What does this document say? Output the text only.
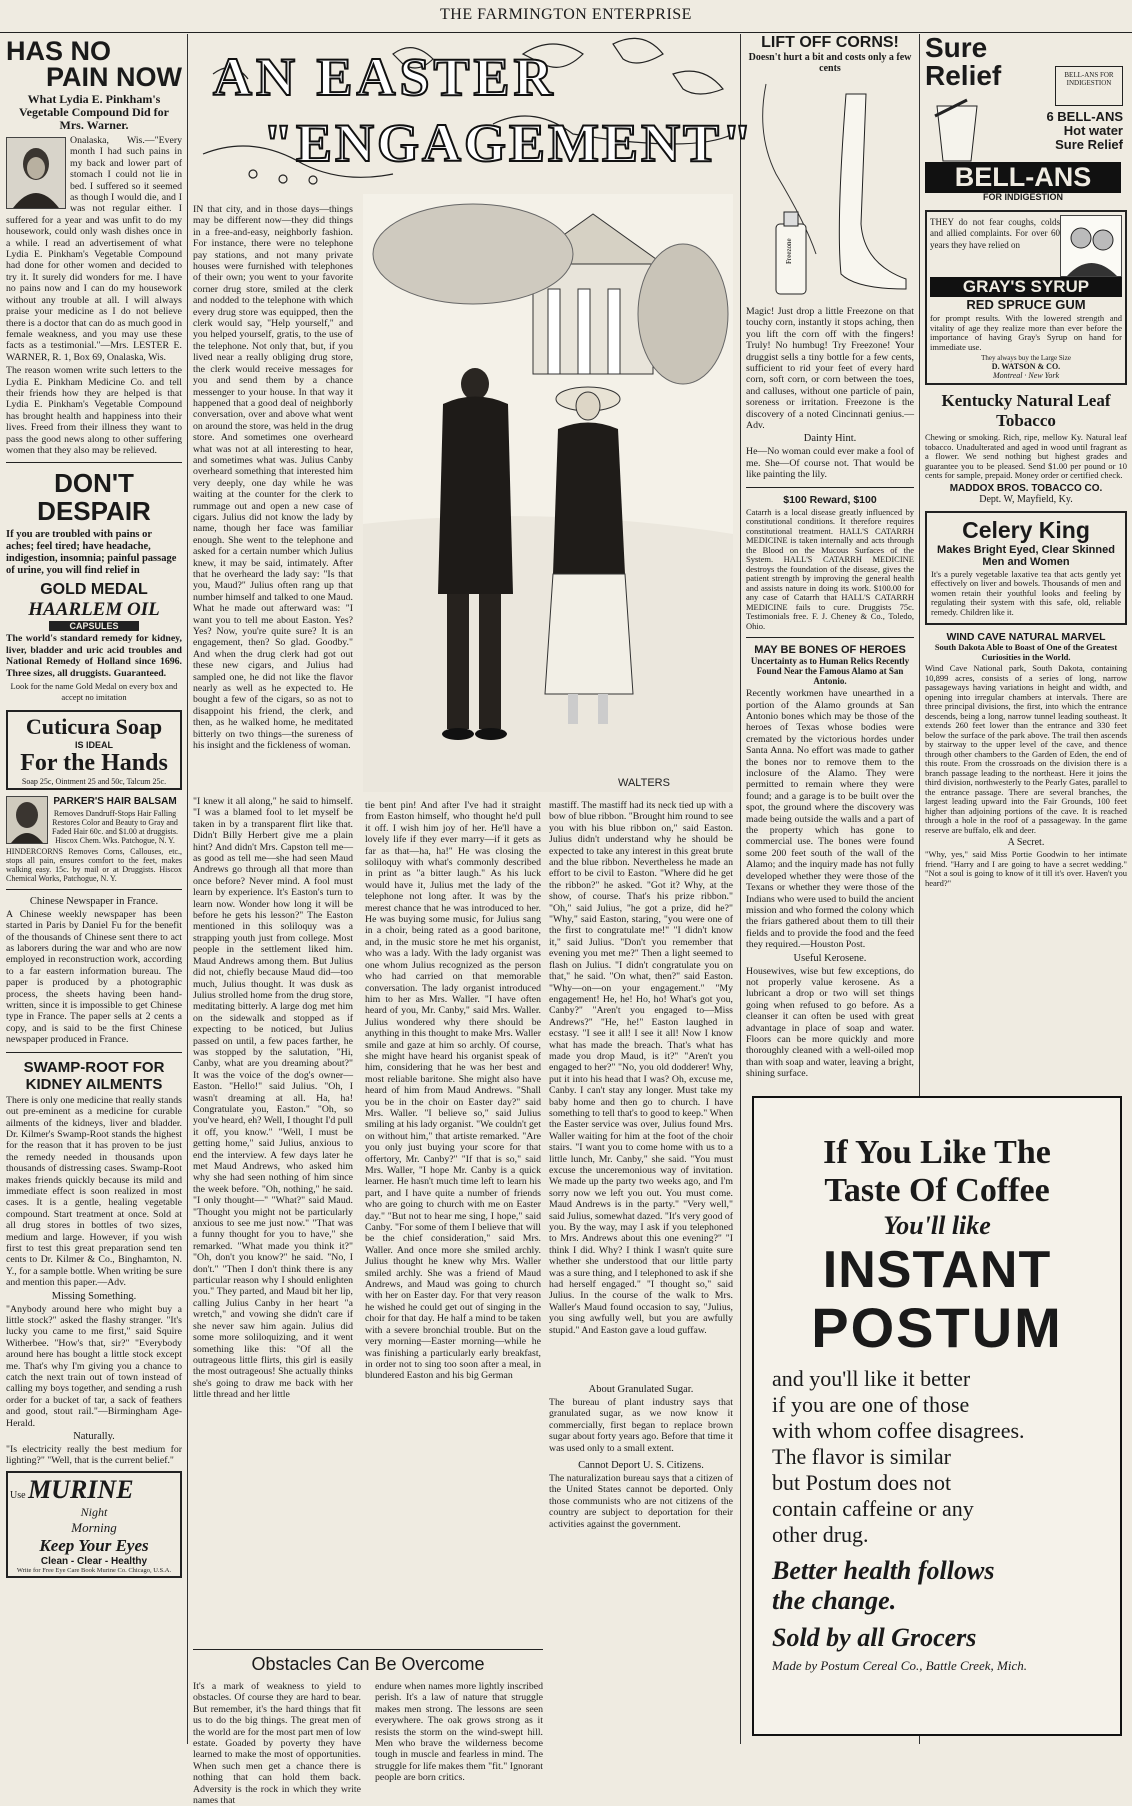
THE FARMINGTON ENTERPRISE
HAS NO
PAIN NOW
What Lydia E. Pinkham's Vegetable Compound Did for Mrs. Warner.
Onalaska, Wis.—"Every month I had such pains in my back and lower part of stomach I could not lie in bed. I suffered so it seemed as though I would die, and I was not regular either. I suffered for a year and was unfit to do my housework, could only wash dishes once in a while. I read an advertisement of what Lydia E. Pinkham's Vegetable Compound had done for other women and decided to try it. It surely did wonders for me. I have no pains now and I can do my housework without any trouble at all. I will always praise your medicine as I do not believe there is a doctor that can do as much good in female weakness, and you may use these facts as a testimonial."—Mrs. LESTER E. WARNER, R. 1, Box 69, Onalaska, Wis.
The reason women write such letters to the Lydia E. Pinkham Medicine Co. and tell their friends how they are helped is that Lydia E. Pinkham's Vegetable Compound has brought health and happiness into their lives. Freed from their illness they want to pass the good news along to other suffering women that they also may be relieved.
DON'T
DESPAIR
If you are troubled with pains or aches; feel tired; have headache, indigestion, insomnia; painful passage of urine, you will find relief in
GOLD MEDAL
HAARLEM OIL
CAPSULES
The world's standard remedy for kidney, liver, bladder and uric acid troubles and National Remedy of Holland since 1696. Three sizes, all druggists. Guaranteed.
Look for the name Gold Medal on every box and accept no imitation
Cuticura Soap
IS IDEAL
For the Hands
Soap 25c, Ointment 25 and 50c, Talcum 25c.
PARKER'S HAIR BALSAM
Removes Dandruff-Stops Hair Falling Restores Color and Beauty to Gray and Faded Hair 60c. and $1.00 at druggists. Hiscox Chem. Wks. Patchogue, N. Y.
HINDERCORNS Removes Corns, Callouses, etc., stops all pain, ensures comfort to the feet, makes walking easy. 15c. by mail or at Druggists. Hiscox Chemical Works, Patchogue, N. Y.
Chinese Newspaper in France.
A Chinese weekly newspaper has been started in Paris by Daniel Fu for the benefit of the thousands of Chinese sent there to act as laborers during the war and who are now employed in reconstruction work, according to a far eastern information bureau. The paper is produced by a photographic process, the sheets having been hand-written, since it is impossible to get Chinese type in France. The paper sells at 2 cents a copy, and is said to be the first Chinese newspaper produced in France.
SWAMP-ROOT FOR
KIDNEY AILMENTS
There is only one medicine that really stands out pre-eminent as a medicine for curable ailments of the kidneys, liver and bladder. Dr. Kilmer's Swamp-Root stands the highest for the reason that it has proven to be just the remedy needed in thousands upon thousands of distressing cases. Swamp-Root makes friends quickly because its mild and immediate effect is soon realized in most cases. It is a gentle, healing vegetable compound. Start treatment at once. Sold at all drug stores in bottles of two sizes, medium and large. However, if you wish first to test this great preparation send ten cents to Dr. Kilmer & Co., Binghamton, N. Y., for a sample bottle. When writing be sure and mention this paper.—Adv.
Missing Something.
"Anybody around here who might buy a little stock?" asked the flashy stranger. "It's lucky you came to me first," said Squire Witherbee. "How's that, sir?" "Everybody around here has bought a little stock except me. That's why I'm giving you a chance to catch the next train out of town instead of calling my boys together, and sending a rush order for a bucket of tar, a sack of feathers and good, stout rail."—Birmingham Age-Herald.
Naturally.
"Is electricity really the best medium for lighting?" "Well, that is the current belief."
Use MURINE
Night
Morning
Keep Your Eyes
Clean - Clear - Healthy
Write for Free Eye Care Book Murine Co. Chicago, U.S.A.
AN EASTER
"ENGAGEMENT"
WALTERS
IN that city, and in those days—things may be different now—they did things in a free-and-easy, neighborly fashion. For instance, there were no telephone pay stations, and not many private houses were furnished with telephones of their own; you went to your favorite corner drug store, smiled at the clerk and nodded to the telephone with which every drug store was equipped, then the clerk would say, "Help yourself," and you helped yourself, gratis, to the use of the telephone. Not only that, but, if you lived near a really obliging drug store, the clerk would receive messages for you and send them by a chance messenger to your house. In that way it happened that a good deal of neighborly conversation, over and above what went on around the store, was held in the drug store. And sometimes one overheard what was not at all interesting to hear, and sometimes what was. Julius Canby overheard something that interested him very deeply, one day while he was waiting at the counter for the clerk to rummage out and open a new case of cigars. Julius did not know the lady by name, though her face was familiar enough. She went to the telephone and asked for a certain number which Julius knew, it may be said, intimately. After that he overheard the lady say: "Is that you, Maud?" Julius often rang up that number himself and talked to one Maud. What he made out afterward was: "I want you to tell me about Easton. Yes? Yes? Now, you're quite sure? It is an engagement, then? So glad. Goodby." And when the drug clerk had got out these new cigars, and Julius had sampled one, he did not like the flavor nearly as well as he expected to. He bought a few of the cigars, so as not to disappoint his friend, the clerk, and then, as he walked home, he meditated bitterly on two things—the sureness of his insight and the fickleness of woman.
"I knew it all along," he said to himself. "I was a blamed fool to let myself be taken in by a transparent flirt like that. Didn't Billy Herbert give me a plain hint? And didn't Mrs. Capston tell me—as good as tell me—she had seen Maud Andrews go through all that more than once before? Never mind. A fool must learn by experience. It's Easton's turn to learn now. Wonder how long it will be before he gets his lesson?" The Easton mentioned in this soliloquy was a strapping youth just from college. Most people in the settlement liked him. Maud Andrews among them. But Julius did not, chiefly because Maud did—too much, Julius thought. It was dusk as Julius strolled home from the drug store, meditating bitterly. A large dog met him on the sidewalk and stopped as if expecting to be noticed, but Julius passed on until, a few paces farther, he was stopped by the salutation, "Hi, Canby, what are you dreaming about?" It was the voice of the dog's owner—Easton. "Hello!" said Julius. "Oh, I wasn't dreaming at all. Ha, ha! Congratulate you, Easton." "Oh, so you've heard, eh? Well, I thought I'd pull it off, you know." "Well, I must be getting home," said Julius, anxious to end the interview. A few days later he met Maud Andrews, who asked him why she had seen nothing of him since the week before. "Oh, nothing," he said. "I only thought—" "What?" said Maud. "Thought you might not be particularly anxious to see me just now." "That was a funny thought for you to have," she remarked. "What made you think it?" "Oh, don't you know?" he said. "No, I don't." "Then I don't think there is any particular reason why I should enlighten you." They parted, and Maud bit her lip, calling Julius Canby in her heart "a wretch," and vowing she didn't care if she never saw him again. Julius did some more soliloquizing, and it went something like this: "Of all the outrageous little flirts, this girl is easily the most outrageous! She actually thinks she's going to draw me back with her little thread and her little
tie bent pin! And after I've had it straight from Easton himself, who thought he'd pull it off. I wish him joy of her. He'll have a lovely life if they ever marry—if it gets as far as that—ha, ha!" He was closing the soliloquy with what's commonly described in print as "a bitter laugh." As his luck would have it, Julius met the lady of the telephone not long after. It was by the merest chance that he was introduced to her. He was buying some music, for Julius sang in a choir, being rated as a good baritone, and, in the music store he met his organist, who was a lady. With the lady organist was one whom Julius recognized as the person who had carried on that memorable conversation. The lady organist introduced him to her as Mrs. Waller. "I have often heard of you, Mr. Canby," said Mrs. Waller. Julius wondered why there should be anything in this thought to make Mrs. Waller smile and gaze at him so archly. Of course, she might have heard his organist speak of him, considering that he was her best and most reliable baritone. She might also have heard of him from Maud Andrews. "Shall you be in the choir on Easter day?" said Mrs. Waller. "I believe so," said Julius smiling at his lady organist. "We couldn't get on without him," that artiste remarked. "Are you only just buying your score for that offertory, Mr. Canby?" "If that is so," said Mrs. Waller, "I hope Mr. Canby is a quick learner. He hasn't much time left to learn his part, and I have quite a number of friends who are going to church with me on Easter day." "But not to hear me sing, I hope," said Canby. "For some of them I believe that will be the chief consideration," said Mrs. Waller. And once more she smiled archly. Julius thought he knew why Mrs. Waller smiled archly. She was a friend of Maud Andrews, and Maud was going to church with her on Easter day. For that very reason he wished he could get out of singing in the choir for that day. He half a mind to be taken with a severe bronchial trouble. But on the very morning—Easter morning—while he was finishing a particularly early breakfast, in order not to sing too soon after a meal, in blundered Easton and his big German
mastiff. The mastiff had its neck tied up with a bow of blue ribbon. "Brought him round to see you with his blue ribbon on," said Easton. Julius didn't understand why he should be expected to take any interest in this great brute and the blue ribbon. Nevertheless he made an effort to be civil to Easton. "Where did he get the ribbon?" he asked. "Got it? Why, at the show, of course. That's his prize ribbon." "Oh," said Julius, "he got a prize, did he?" "Why," said Easton, staring, "you were one of the first to congratulate me!" "I didn't know it," said Julius. "Don't you remember that evening you met me?" Then a light seemed to flash on Julius. "I didn't congratulate you on that," he said. "On what, then?" said Easton. "Why—on—on your engagement." "My engagement! He, he! Ho, ho! What's got you, Canby?" "Aren't you engaged to—Miss Andrews?" "He, he!" Easton laughed in ecstasy. "I see it all! I see it all! Now I know what has made the breach. That's what has made you drop Maud, is it?" "Aren't you engaged to her?" "No, you old dodderer! Why, put it into his head that I was? Oh, excuse me, Canby. I can't stay any longer. Must take my baby home and then go to church. I have something to tell that's to good to keep." When the Easter service was over, Julius found Mrs. Waller waiting for him at the foot of the choir stairs. "I want you to come home with us to a little lunch, Mr. Canby," she said. "You must excuse the unceremonious way of invitation. We made up the party two weeks ago, and I'm sorry now we left you out. You must come. Maud Andrews is in the party." "Very well," said Julius, somewhat dazed. "It's very good of you. By the way, may I ask if you telephoned to Mrs. Andrews about this one evening?" "I think I did. Why? I think I wasn't quite sure whether she understood that our little party was a sure thing, and I telephoned to ask if she had herself engaged." "I thought so," said Julius. In the course of the walk to Mrs. Waller's Maud found occasion to say, "Julius, you sing awfully well, but you are awfully stupid." And Easton gave a loud guffaw.
Obstacles Can Be Overcome
It's a mark of weakness to yield to obstacles. Of course they are hard to bear. But remember, it's the hard things that fit us to do the big things. The great men of the world are for the most part men of low estate. Goaded by poverty they have learned to make the most of opportunities. When such men get a chance there is nothing that can hold them back. Adversity is the rock in which they write names that
endure when names more lightly inscribed perish. It's a law of nature that struggle makes men strong. The lessons are seen everywhere. The oak grows strong as it resists the storm on the wind-swept hill. Men who brave the wilderness become tough in muscle and fearless in mind. The struggle for life makes them "fit." Ignorant people are born critics.
About Granulated Sugar.
The bureau of plant industry says that granulated sugar, as we now know it commercially, first began to replace brown sugar about forty years ago. Before that time it was used only to a small extent.
Cannot Deport U. S. Citizens.
The naturalization bureau says that a citizen of the United States cannot be deported. Only those communists who are not citizens of the country are subject to deportation for their activities against the government.
LIFT OFF CORNS!
Doesn't hurt a bit and costs only a few cents
Freezone
Magic! Just drop a little Freezone on that touchy corn, instantly it stops aching, then you lift the corn off with the fingers! Truly! No humbug! Try Freezone! Your druggist sells a tiny bottle for a few cents, sufficient to rid your feet of every hard corn, soft corn, or corn between the toes, and calluses, without one particle of pain, soreness or irritation. Freezone is the discovery of a noted Cincinnati genius.—Adv.
Dainty Hint.
He—No woman could ever make a fool of me. She—Of course not. That would be like painting the lily.
$100 Reward, $100
Catarrh is a local disease greatly influenced by constitutional conditions. It therefore requires constitutional treatment. HALL'S CATARRH MEDICINE is taken internally and acts through the Blood on the Mucous Surfaces of the System. HALL'S CATARRH MEDICINE destroys the foundation of the disease, gives the patient strength by improving the general health and assists nature in doing its work. $100.00 for any case of Catarrh that HALL'S CATARRH MEDICINE fails to cure. Druggists 75c. Testimonials free. F. J. Cheney & Co., Toledo, Ohio.
MAY BE BONES OF HEROES
Uncertainty as to Human Relics Recently Found Near the Famous Alamo at San Antonio.
Recently workmen have unearthed in a portion of the Alamo grounds at San Antonio bones which may be those of the heroes of Texas whose bodies were cremated by the victorious hordes under Santa Anna. No effort was made to gather the bones nor to remove them to the inclosure of the Alamo. They were permitted to remain where they were found; and a garage is to be built over the spot, the ground where the discovery was made being outside the walls and a part of the property which has gone to commercial use. The bones were found some 200 feet south of the wall of the Alamo; and the inquiry made has not fully developed whether they were those of the Texans or whether they were those of the Indians who were used to build the ancient mission and who formed the colony which the friars gathered about them to till their fields and to provide the food and the feed they required.—Houston Post.
Useful Kerosene.
Housewives, wise but few exceptions, do not properly value kerosene. As a lubricant a drop or two will set things going when refused to go before. As a cleanser it can often be used with great advantage in place of soap and water. Floors can be more quickly and more thoroughly cleaned with a well-oiled mop than with soap and water, leaving a bright, shining surface.
Sure
Relief	BELL-ANS FOR INDIGESTION
6 BELL-ANS
Hot water
Sure Relief
BELL-ANS
FOR INDIGESTION
THEY do not fear coughs, colds and allied complaints. For over 60 years they have relied on
GRAY'S SYRUP
RED SPRUCE GUM
for prompt results. With the lowered strength and vitality of age they realize more than ever before the importance of having Gray's Syrup on hand for immediate use.
They always buy the Large Size
D. WATSON & CO.
Montreal · New York
Kentucky Natural Leaf
Tobacco
Chewing or smoking. Rich, ripe, mellow Ky. Natural leaf tobacco. Unadulterated and aged in wood until fragrant as a flower. We send nothing but highest grades and guarantee you to be pleased. Send $1.00 per pound or 10 cents for sample, prepaid. Money order or certified check.
MADDOX BROS. TOBACCO CO.
Dept. W, Mayfield, Ky.
Celery King
Makes Bright Eyed, Clear Skinned Men and Women
It's a purely vegetable laxative tea that acts gently yet effectively on liver and bowels. Thousands of men and women retain their youthful looks and feeling by regulating their system with this safe, old, reliable remedy. Children like it.
WIND CAVE NATURAL MARVEL
South Dakota Able to Boast of One of the Greatest Curiosities in the World.
Wind Cave National park, South Dakota, containing 10,899 acres, consists of a series of long, narrow passageways having variations in height and width, and opening into irregular chambers at intervals. There are three principal divisions, the first, into which the entrance descends, being a long, narrow tunnel leading southeast. It extends 260 feet lower than the entrance and 330 feet below the surface of the park above. The trail then ascends by stairway to the upper level of the cave, and thence through other chambers to the Garden of Eden, the end of this route. From the crossroads on the division there is a branch passage leading to the northeast. Here it joins the third division, northwesterly to the Pearly Gates, parallel to the entrance passage. There are several branches, the largest leading upward into the Fair Grounds, 100 feet higher than adjoining portions of the cave. It is reached through a hole in the roof of a passageway. In the game reserve are buffalo, elk and deer.
A Secret.
"Why, yes," said Miss Portie Goodwin to her intimate friend. "Harry and I are going to have a secret wedding." "Not a soul is going to know of it till it's over. Haven't you heard?"
If You Like The
Taste Of Coffee
You'll like
INSTANT
POSTUM
and you'll like it better
if you are one of those
with whom coffee disagrees.
The flavor is similar
but Postum does not
contain caffeine or any
other drug.
Better health follows
the change.
Sold by all Grocers
Made by Postum Cereal Co., Battle Creek, Mich.
